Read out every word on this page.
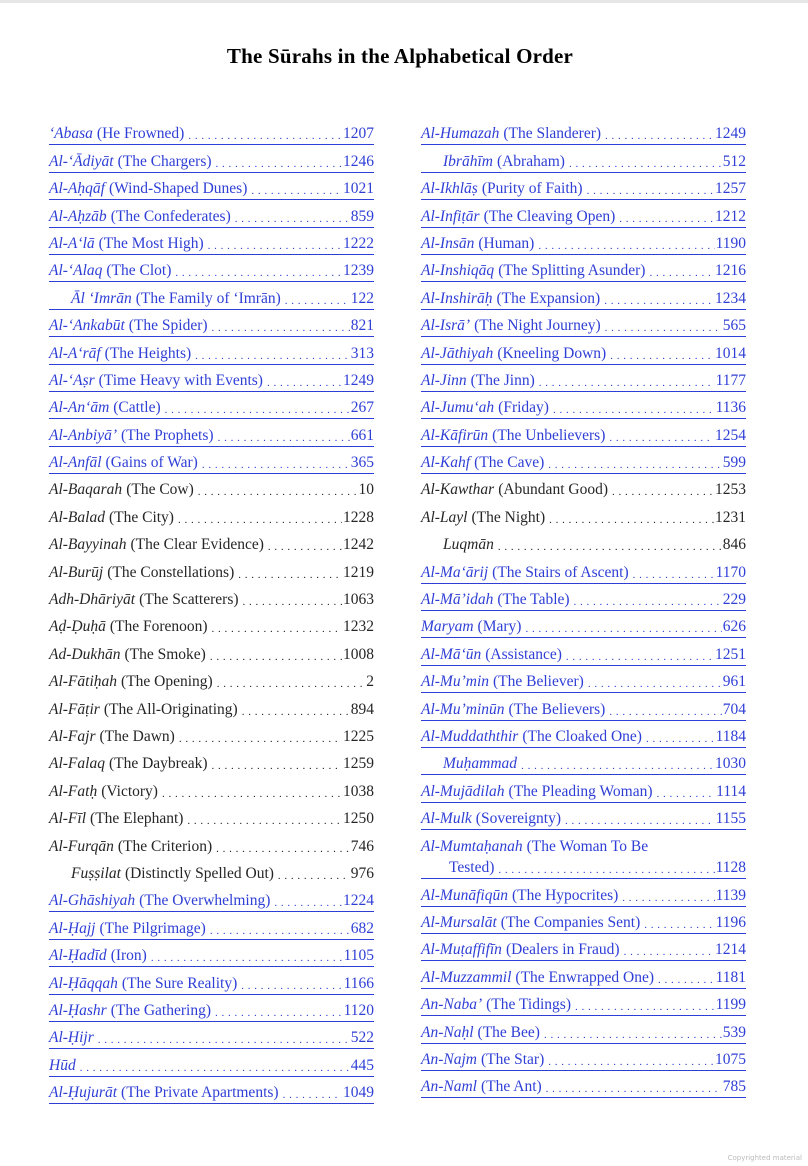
The Sūrahs in the Alphabetical Order
‘Abasa (He Frowned) . . .	1207
Al-‘Ādiyāt (The Chargers) . . .	1246
Al-Aḥqāf (Wind-Shaped Dunes) . . .	1021
Al-Aḥzāb (The Confederates) . . .	859
Al-A‘lā (The Most High) . . .	1222
Al-‘Alaq (The Clot) . . .	1239
Āl ‘Imrān (The Family of ‘Imrān) . . .	122
Al-‘Ankabūt (The Spider) . . .	821
Al-A‘rāf (The Heights) . . .	313
Al-‘Aṣr (Time Heavy with Events) . . .	1249
Al-An‘ām (Cattle) . . .	267
Al-Anbiyā’ (The Prophets) . . .	661
Al-Anfāl (Gains of War) . . .	365
Al-Baqarah (The Cow) . . .	10
Al-Balad (The City) . . .	1228
Al-Bayyinah (The Clear Evidence) . . .	1242
Al-Burūj (The Constellations) . . .	1219
Adh-Dhāriyāt (The Scatterers) . . .	1063
Aḍ-Ḍuḥā (The Forenoon) . . .	1232
Ad-Dukhān (The Smoke) . . .	1008
Al-Fātiḥah (The Opening) . . .	2
Al-Fāṭir (The All-Originating) . . .	894
Al-Fajr (The Dawn) . . .	1225
Al-Falaq (The Daybreak) . . .	1259
Al-Fatḥ (Victory) . . .	1038
Al-Fīl (The Elephant) . . .	1250
Al-Furqān (The Criterion) . . .	746
Fuṣṣilat (Distinctly Spelled Out) . . .	976
Al-Ghāshiyah (The Overwhelming) . . .	1224
Al-Ḥajj (The Pilgrimage) . . .	682
Al-Ḥadīd (Iron) . . .	1105
Al-Ḥāqqah (The Sure Reality) . . .	1166
Al-Ḥashr (The Gathering) . . .	1120
Al-Ḥijr . . .	522
Hūd . . .	445
Al-Ḥujurāt (The Private Apartments) . . .	1049
Al-Humazah (The Slanderer) . . .	1249
Ibrāhīm (Abraham) . . .	512
Al-Ikhlāṣ (Purity of Faith) . . .	1257
Al-Infiṭār (The Cleaving Open) . . .	1212
Al-Insān (Human) . . .	1190
Al-Inshiqāq (The Splitting Asunder) . . .	1216
Al-Inshirāḥ (The Expansion) . . .	1234
Al-Isrā’ (The Night Journey) . . .	565
Al-Jāthiyah (Kneeling Down) . . .	1014
Al-Jinn (The Jinn) . . .	1177
Al-Jumu‘ah (Friday) . . .	1136
Al-Kāfirūn (The Unbelievers) . . .	1254
Al-Kahf (The Cave) . . .	599
Al-Kawthar (Abundant Good) . . .	1253
Al-Layl (The Night) . . .	1231
Luqmān . . .	846
Al-Ma‘ārij (The Stairs of Ascent) . . .	1170
Al-Mā’idah (The Table) . . .	229
Maryam (Mary) . . .	626
Al-Mā‘ūn (Assistance) . . .	1251
Al-Mu’min (The Believer) . . .	961
Al-Mu’minūn (The Believers) . . .	704
Al-Muddaththir (The Cloaked One) . . .	1184
Muḥammad . . .	1030
Al-Mujādilah (The Pleading Woman) . . .	1114
Al-Mulk (Sovereignty) . . .	1155
Al-Mumtaḥanah (The Woman To Be
Tested) . . .	1128
Al-Munāfiqūn (The Hypocrites) . . .	1139
Al-Mursalāt (The Companies Sent) . . .	1196
Al-Muṭaffifīn (Dealers in Fraud) . . .	1214
Al-Muzzammil (The Enwrapped One) . . .	1181
An-Naba’ (The Tidings) . . .	1199
An-Naḥl (The Bee) . . .	539
An-Najm (The Star) . . .	1075
An-Naml (The Ant) . . .	785
Copyrighted material
